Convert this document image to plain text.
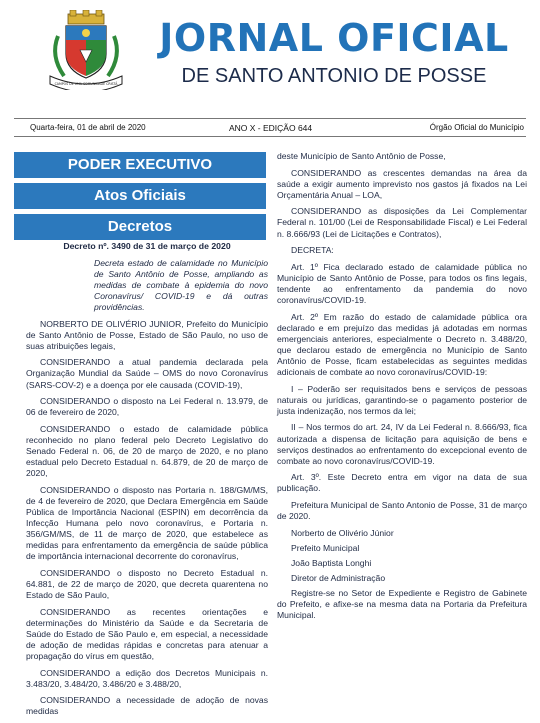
CAMPOS DE UMA COMUNIDADE CRISTÃ
JORNAL OFICIAL
DE SANTO ANTONIO DE POSSE
Quarta-feira, 01 de abril de 2020	ANO X - EDIÇÃO 644	Órgão Oficial do Município
PODER EXECUTIVO
Atos Oficiais
Decretos

Decreto nº. 3490 de 31 de março de 2020

Decreta estado de calamidade no Município de Santo Antônio de Posse, ampliando as medidas de combate à epidemia do novo Coronavírus/ COVID-19 e dá outras providências.

NORBERTO DE OLIVÉRIO JUNIOR, Prefeito do Município de Santo Antônio de Posse, Estado de São Paulo, no uso de suas atribuições legais,

CONSIDERANDO a atual pandemia declarada pela Organização Mundial da Saúde – OMS do novo Coronavírus (SARS-COV-2) e a doença por ele causada (COVID-19),

CONSIDERANDO o disposto na Lei Federal n. 13.979, de 06 de fevereiro de 2020,

CONSIDERANDO o estado de calamidade pública reconhecido no plano federal pelo Decreto Legislativo do Senado Federal n. 06, de 20 de março de 2020, e no plano estadual pelo Decreto Estadual n. 64.879, de 20 de março de 2020,

CONSIDERANDO o disposto nas Portaria n. 188/GM/MS, de 4 de fevereiro de 2020, que Declara Emergência em Saúde Pública de Importância Nacional (ESPIN) em decorrência da Infecção Humana pelo novo coronavírus, e Portaria n. 356/GM/MS, de 11 de março de 2020, que estabelece as medidas para enfrentamento da emergência de saúde pública de importância internacional decorrente do coronavírus,

CONSIDERANDO o disposto no Decreto Estadual n. 64.881, de 22 de março de 2020, que decreta quarentena no Estado de São Paulo,

CONSIDERANDO as recentes orientações e determinações do Ministério da Saúde e da Secretaria de Saúde do Estado de São Paulo e, em especial, a necessidade de adoção de medidas rápidas e concretas para atenuar a propagação do vírus em questão,

CONSIDERANDO a edição dos Decretos Municipais n. 3.483/20, 3.484/20, 3.486/20 e 3.488/20,

CONSIDERANDO a necessidade de adoção de novas medidas

deste Município de Santo Antônio de Posse,

CONSIDERANDO as crescentes demandas na área da saúde a exigir aumento imprevisto nos gastos já fixados na Lei Orçamentária Anual – LOA,

CONSIDERANDO as disposições da Lei Complementar Federal n. 101/00 (Lei de Responsabilidade Fiscal) e Lei Federal n. 8.666/93 (Lei de Licitações e Contratos),

DECRETA:

Art. 1º Fica declarado estado de calamidade pública no Município de Santo Antônio de Posse, para todos os fins legais, tendente ao enfrentamento da pandemia do novo coronavírus/COVID-19.

Art. 2º Em razão do estado de calamidade pública ora declarado e em prejuízo das medidas já adotadas em normas emergenciais anteriores, especialmente o Decreto n. 3.488/20, que declarou estado de emergência no Município de Santo Antônio de Posse, ficam estabelecidas as seguintes medidas adicionais de combate ao novo coronavírus/COVID-19:

I – Poderão ser requisitados bens e serviços de pessoas naturais ou jurídicas, garantindo-se o pagamento posterior de justa indenização, nos termos da lei;

II – Nos termos do art. 24, IV da Lei Federal n. 8.666/93, fica autorizada a dispensa de licitação para aquisição de bens e serviços destinados ao enfrentamento do excepcional evento de combate ao novo coronavírus/COVID-19.

Art. 3º. Este Decreto entra em vigor na data de sua publicação.

Prefeitura Municipal de Santo Antonio de Posse, 31 de março de 2020.

Norberto de Olivério Júnior

Prefeito Municipal

João Baptista Longhi

Diretor de Administração

Registre-se no Setor de Expediente e Registro de Gabinete do Prefeito, e afixe-se na mesma data na Portaria da Prefeitura Municipal.
